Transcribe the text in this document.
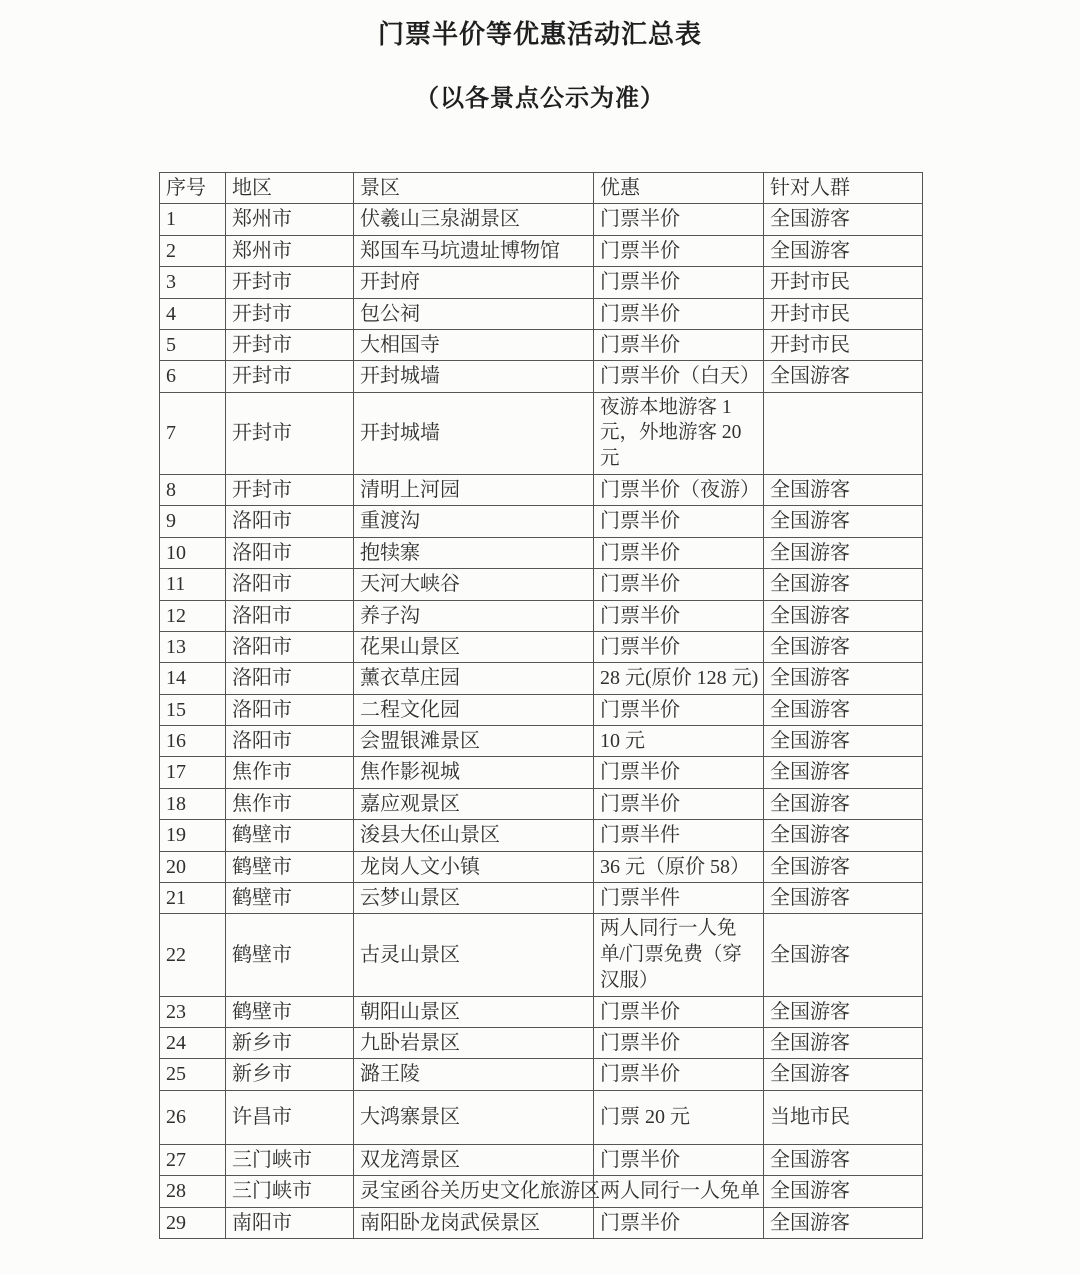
门票半价等优惠活动汇总表
（以各景点公示为准）
序号	地区	景区	优惠	针对人群
1	郑州市	伏羲山三泉湖景区	门票半价	全国游客
2	郑州市	郑国车马坑遗址博物馆	门票半价	全国游客
3	开封市	开封府	门票半价	开封市民
4	开封市	包公祠	门票半价	开封市民
5	开封市	大相国寺	门票半价	开封市民
6	开封市	开封城墙	门票半价（白天）	全国游客
7	开封市	开封城墙	夜游本地游客 1 元，外地游客 20 元	
8	开封市	清明上河园	门票半价（夜游）	全国游客
9	洛阳市	重渡沟	门票半价	全国游客
10	洛阳市	抱犊寨	门票半价	全国游客
11	洛阳市	天河大峡谷	门票半价	全国游客
12	洛阳市	养子沟	门票半价	全国游客
13	洛阳市	花果山景区	门票半价	全国游客
14	洛阳市	薰衣草庄园	28 元(原价 128 元)	全国游客
15	洛阳市	二程文化园	门票半价	全国游客
16	洛阳市	会盟银滩景区	10 元	全国游客
17	焦作市	焦作影视城	门票半价	全国游客
18	焦作市	嘉应观景区	门票半价	全国游客
19	鹤壁市	浚县大伾山景区	门票半件	全国游客
20	鹤壁市	龙岗人文小镇	36 元（原价 58）	全国游客
21	鹤壁市	云梦山景区	门票半件	全国游客
22	鹤壁市	古灵山景区	两人同行一人免单/门票免费（穿汉服）	全国游客
23	鹤壁市	朝阳山景区	门票半价	全国游客
24	新乡市	九卧岩景区	门票半价	全国游客
25	新乡市	潞王陵	门票半价	全国游客
26	许昌市	大鸿寨景区	门票 20 元	当地市民
27	三门峡市	双龙湾景区	门票半价	全国游客
28	三门峡市	灵宝函谷关历史文化旅游区	两人同行一人免单	全国游客
29	南阳市	南阳卧龙岗武侯景区	门票半价	全国游客
